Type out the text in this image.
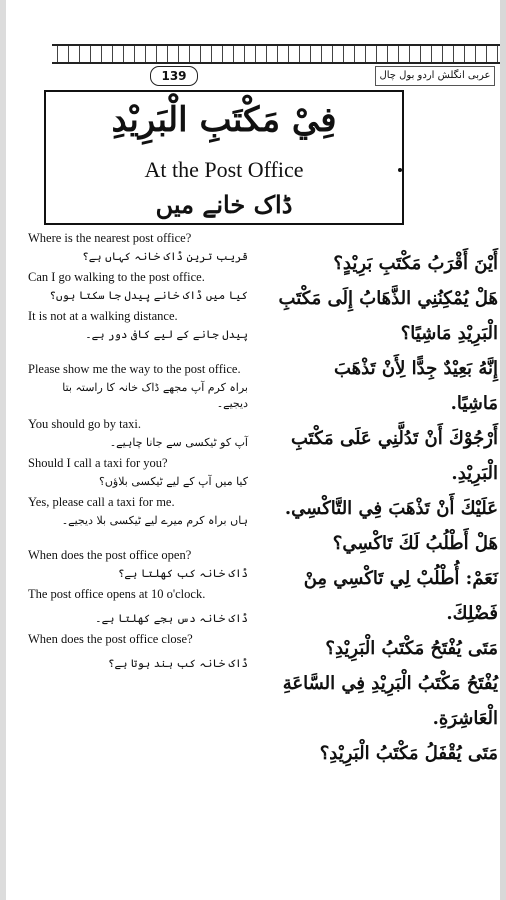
139	عربی انگلش اردو بول چال
فِيْ مَكْتَبِ الْبَرِيْدِ
At the Post Office
ڈاک خانے میں
Where is the nearest post office?
قریب ترین ڈاک خانہ کہاں ہے؟
Can I go walking to the post office.
کیا میں ڈاک خانے پیدل جا سکتا ہوں؟
It is not at a walking distance.
پیدل جانے کے لیے کافی دور ہے۔
Please show me the way to the post office.
براہ کرم آپ مجھے ڈاک خانہ کا راستہ بتا دیجیے۔
You should go by taxi.
آپ کو ٹیکسی سے جانا چاہیے۔
Should I call a taxi for you?
کیا میں آپ کے لیے ٹیکسی بلاؤں؟
Yes, please call a taxi for me.
ہاں براہ کرم میرے لیے ٹیکسی بلا دیجیے۔
When does the post office open?
ڈاک خانہ کب کھلتا ہے؟
The post office opens at 10 o'clock.
ڈاک خانہ دس بجے کھلتا ہے۔
When does the post office close?
ڈاک خانہ کب بند ہوتا ہے؟
أَيْنَ أَقْرَبُ مَكْتَبِ بَرِيْدٍ؟
هَلْ يُمْكِنُنِي الذَّهَابُ إِلَى مَكْتَبِ
الْبَرِيْدِ مَاشِيًا؟
إِنَّهُ بَعِيْدٌ جِدًّا لِأَنْ تَذْهَبَ
مَاشِيًا.
أَرْجُوْكَ أَنْ تَدُلَّنِي عَلَى مَكْتَبِ
الْبَرِيْدِ.
عَلَيْكَ أَنْ تَذْهَبَ فِي التَّاكْسِي.
هَلْ أَطْلُبُ لَكَ تَاكْسِي؟
نَعَمْ: أُطْلُبْ لِي تَاكْسِي مِنْ
فَضْلِكَ.
مَتَى يُفْتَحُ مَكْتَبُ الْبَرِيْدِ؟
يُفْتَحُ مَكْتَبُ الْبَرِيْدِ فِي السَّاعَةِ
الْعَاشِرَةِ.
مَتَى يُقْفَلُ مَكْتَبُ الْبَرِيْدِ؟
